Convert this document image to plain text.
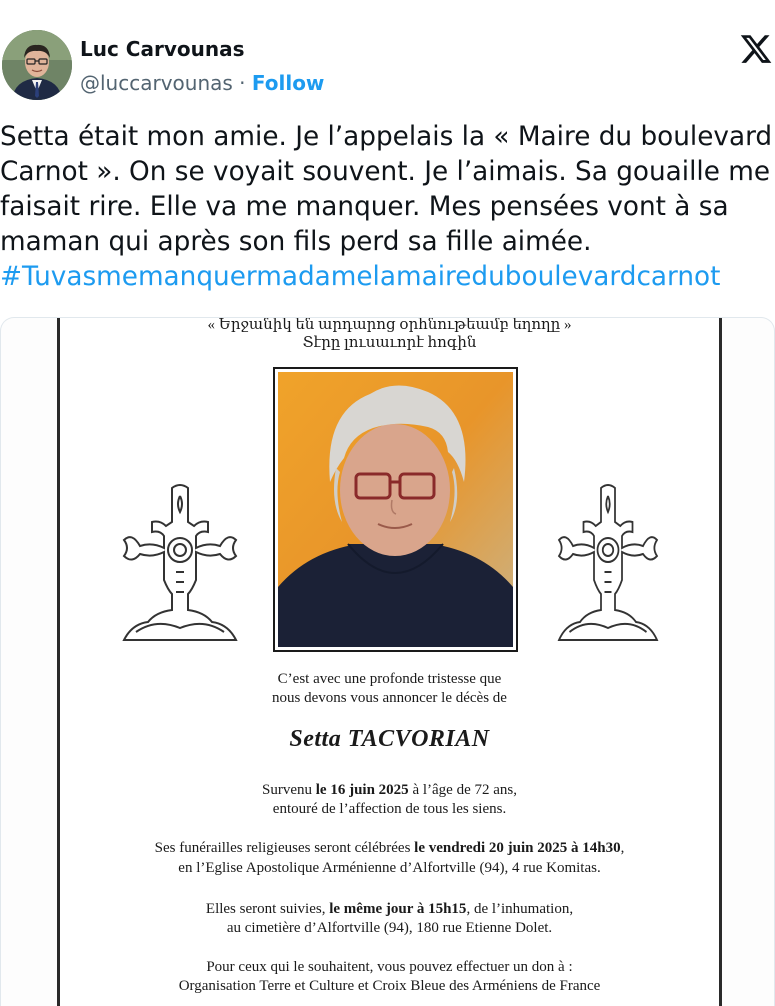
Luc Carvounas
@luccarvounas · Follow

Setta était mon amie. Je l’appelais la « Maire du boulevard

Carnot ». On se voyait souvent. Je l’aimais. Sa gouaille me

faisait rire. Elle va me manquer. Mes pensées vont à sa

maman qui après son fils perd sa fille aimée.

#Tuvasmemanquermadamelamaireduboulevardcarnot

« Երջանիկ են արդարոց օրհնութեամբ եղողը »
Տէրը լուսաւորէ հոգին
C’est avec une profonde tristesse que
nous devons vous annoncer le décès de
Setta TACVORIAN
Survenu le 16 juin 2025 à l’âge de 72 ans,
entouré de l’affection de tous les siens.
Ses funérailles religieuses seront célébrées le vendredi 20 juin 2025 à 14h30,
en l’Eglise Apostolique Arménienne d’Alfortville (94), 4 rue Komitas.
Elles seront suivies, le même jour à 15h15, de l’inhumation,
au cimetière d’Alfortville (94), 180 rue Etienne Dolet.
Pour ceux qui le souhaitent, vous pouvez effectuer un don à :
Organisation Terre et Culture et Croix Bleue des Arméniens de France
